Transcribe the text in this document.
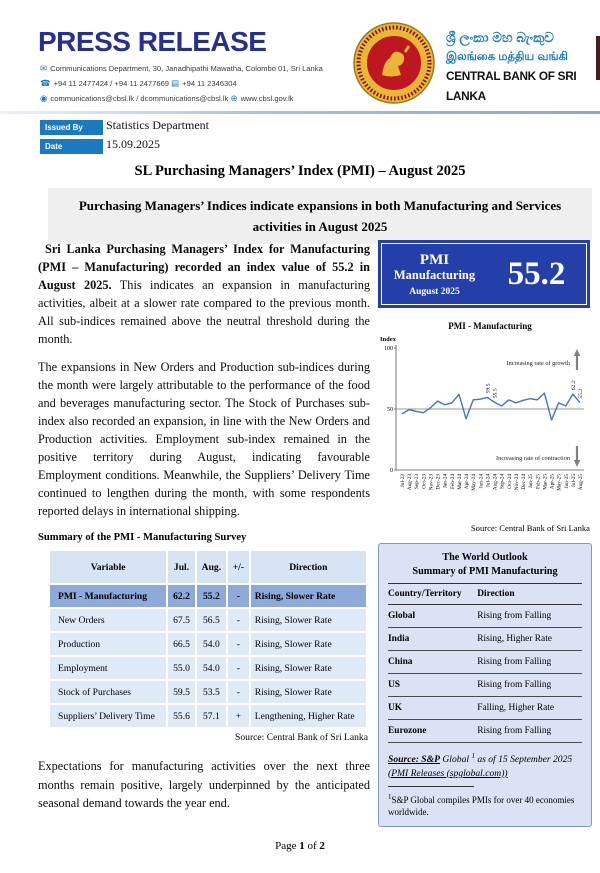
PRESS RELEASE
✉ Communications Department, 30, Janadhipathi Mawatha, Colombo 01, Sri Lanka
☎ +94 11 2477424 / +94 11 2477669 ▤ +94 11 2346304
◉ communications@cbsl.lk / dcommunications@cbsl.lk ⊕ www.cbsl.gov.lk
ශ්‍රී ලංකා මහ බැංකුව
இலங்கை மத்திய வங்கி
CENTRAL BANK OF SRI LANKA
Issued By	Statistics Department
Date	15.09.2025
SL Purchasing Managers’ Index (PMI) – August 2025
Purchasing Managers’ Indices indicate expansions in both Manufacturing and Services activities in August 2025
Sri Lanka Purchasing Managers’ Index for Manufacturing (PMI – Manufacturing) recorded an index value of 55.2 in August 2025. This indicates an expansion in manufacturing activities, albeit at a slower rate compared to the previous month. All sub-indices remained above the neutral threshold during the month.
The expansions in New Orders and Production sub-indices during the month were largely attributable to the performance of the food and beverages manufacturing sector. The Stock of Purchases sub-index also recorded an expansion, in line with the New Orders and Production activities. Employment sub-index remained in the positive territory during August, indicating favourable Employment conditions. Meanwhile, the Suppliers’ Delivery Time continued to lengthen during the month, with some respondents reported delays in international shipping.
Summary of the PMI - Manufacturing Survey
Variable	Jul.	Aug.	+/-	Direction
PMI - Manufacturing	62.2	55.2	-	Rising, Slower Rate
New Orders	67.5	56.5	-	Rising, Slower Rate
Production	66.5	54.0	-	Rising, Slower Rate
Employment	55.0	54.0	-	Rising, Slower Rate
Stock of Purchases	59.5	53.5	-	Rising, Slower Rate
Suppliers’ Delivery Time	55.6	57.1	+	Lengthening, Higher Rate
Source: Central Bank of Sri Lanka
Expectations for manufacturing activities over the next three months remain positive, largely underpinned by the anticipated seasonal demand towards the year end.
PMI
Manufacturing
August 2025	55.2
PMI - Manufacturing
Index
0
50
100
Jul-23 Aug-23 Sep-23 Oct-23 Nov-23 Dec-23 Jan-24 Feb-24 Mar-24 Apr-24 May-24 Jun-24 Jul-24 Aug-24 Sep-24 Oct-24 Nov-24 Dec-24 Jan-25 Feb-25 Mar-25 Apr-25 May-25 Jun-25 Jul-25 Aug-25
59.5 55.5
62.2
55.2
Increasing rate of growth
Increasing rate of contraction
Source: Central Bank of Sri Lanka
The World Outlook
Summary of PMI Manufacturing
Country/Territory	Direction
Global	Rising from Falling
India	Rising, Higher Rate
China	Rising from Falling
US	Rising from Falling
UK	Falling, Higher Rate
Eurozone	Rising from Falling
Source: S&P Global $^1$ as of 15 September 2025
(PMI Releases (spglobal.com))
$^1$S&P Global compiles PMIs for over 40 economies worldwide.
Page 1 of 2
